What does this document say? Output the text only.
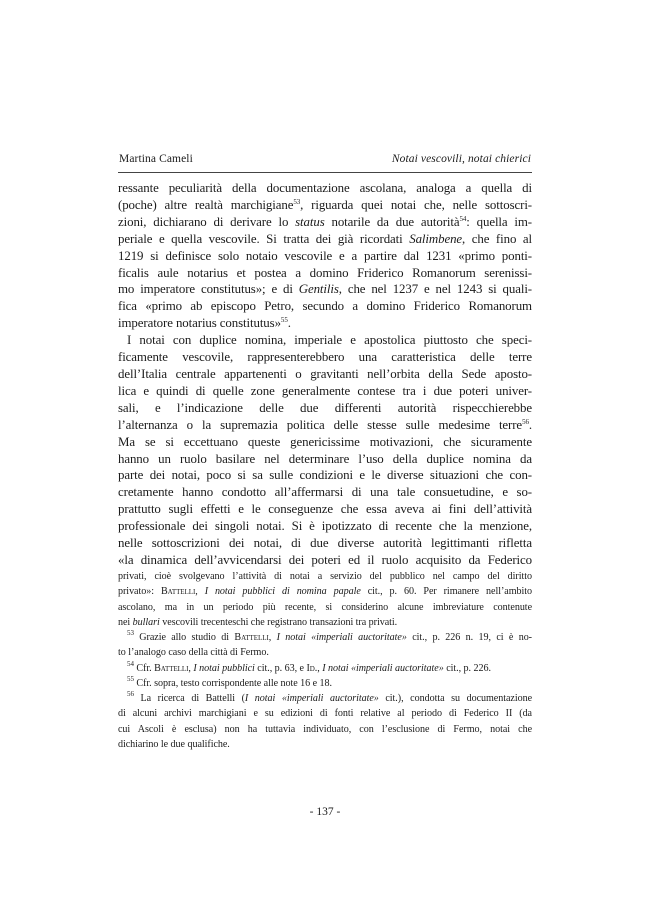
Martina Cameli	Notai vescovili, notai chierici
ressante peculiarità della documentazione ascolana, analoga a quella di
(poche) altre realtà marchigiane$^{53}$, riguarda quei notai che, nelle sottoscri-
zioni, dichiarano di derivare lo status notarile da due autorità$^{54}$: quella im-
periale e quella vescovile. Si tratta dei già ricordati Salimbene, che fino al
1219 si definisce solo notaio vescovile e a partire dal 1231 «primo ponti-
ficalis aule notarius et postea a domino Friderico Romanorum serenissi-
mo imperatore constitutus»; e di Gentilis, che nel 1237 e nel 1243 si quali-
fica «primo ab episcopo Petro, secundo a domino Friderico Romanorum
imperatore notarius constitutus»$^{55}$.
I notai con duplice nomina, imperiale e apostolica piuttosto che speci-
ficamente vescovile, rappresenterebbero una caratteristica delle terre
dell’Italia centrale appartenenti o gravitanti nell’orbita della Sede aposto-
lica e quindi di quelle zone generalmente contese tra i due poteri univer-
sali, e l’indicazione delle due differenti autorità rispecchierebbe
l’alternanza o la supremazia politica delle stesse sulle medesime terre$^{56}$.
Ma se si eccettuano queste genericissime motivazioni, che sicuramente
hanno un ruolo basilare nel determinare l’uso della duplice nomina da
parte dei notai, poco si sa sulle condizioni e le diverse situazioni che con-
cretamente hanno condotto all’affermarsi di una tale consuetudine, e so-
prattutto sugli effetti e le conseguenze che essa aveva ai fini dell’attività
professionale dei singoli notai. Si è ipotizzato di recente che la menzione,
nelle sottoscrizioni dei notai, di due diverse autorità legittimanti rifletta
«la dinamica dell’avvicendarsi dei poteri ed il ruolo acquisito da Federico
privati, cioè svolgevano l’attività di notai a servizio del pubblico nel campo del diritto
privato»: Battelli, I notai pubblici di nomina papale cit., p. 60. Per rimanere nell’ambito
ascolano, ma in un periodo più recente, si considerino alcune imbreviature contenute
nei bullari vescovili trecenteschi che registrano transazioni tra privati.
$^{53}$ Grazie allo studio di Battelli, I notai «imperiali auctoritate» cit., p. 226 n. 19, ci è no-
to l’analogo caso della città di Fermo.
$^{54}$ Cfr. Battelli, I notai pubblici cit., p. 63, e Id., I notai «imperiali auctoritate» cit., p. 226.
$^{55}$ Cfr. sopra, testo corrispondente alle note 16 e 18.
$^{56}$ La ricerca di Battelli (I notai «imperiali auctoritate» cit.), condotta su documentazione
di alcuni archivi marchigiani e su edizioni di fonti relative al periodo di Federico II (da
cui Ascoli è esclusa) non ha tuttavia individuato, con l’esclusione di Fermo, notai che
dichiarino le due qualifiche.
- 137 -
